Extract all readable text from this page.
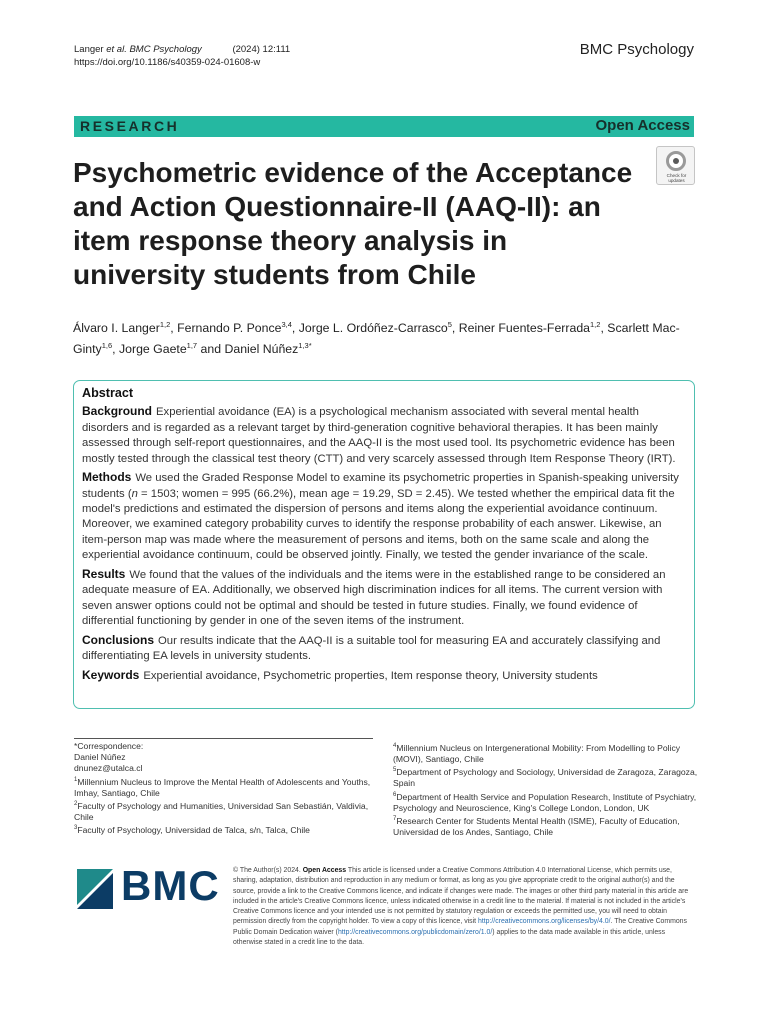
Langer et al. BMC Psychology	(2024) 12:111
https://doi.org/10.1186/s40359-024-01608-w
BMC Psychology
RESEARCH	Open Access
Psychometric evidence of the Acceptance and Action Questionnaire-II (AAQ-II): an item response theory analysis in university students from Chile
Check for
updates
Álvaro I. Langer$^{1,2}$, Fernando P. Ponce$^{3,4}$, Jorge L. Ordóñez-Carrasco$^5$, Reiner Fuentes-Ferrada$^{1,2}$, Scarlett Mac-Ginty$^{1,6}$, Jorge Gaete$^{1,7}$ and Daniel Núñez$^{1,3*}$
Abstract

Background Experiential avoidance (EA) is a psychological mechanism associated with several mental health disorders and is regarded as a relevant target by third-generation cognitive behavioral therapies. It has been mainly assessed through self-report questionnaires, and the AAQ-II is the most used tool. Its psychometric evidence has been mostly tested through the classical test theory (CTT) and very scarcely assessed through Item Response Theory (IRT).

Methods We used the Graded Response Model to examine its psychometric properties in Spanish-speaking university students (n = 1503; women = 995 (66.2%), mean age = 19.29, SD = 2.45). We tested whether the empirical data fit the model's predictions and estimated the dispersion of persons and items along the experiential avoidance continuum. Moreover, we examined category probability curves to identify the response probability of each answer. Likewise, an item-person map was made where the measurement of persons and items, both on the same scale and along the experiential avoidance continuum, could be observed jointly. Finally, we tested the gender invariance of the scale.

Results We found that the values of the individuals and the items were in the established range to be considered an adequate measure of EA. Additionally, we observed high discrimination indices for all items. The current version with seven answer options could not be optimal and should be tested in future studies. Finally, we found evidence of differential functioning by gender in one of the seven items of the instrument.

Conclusions Our results indicate that the AAQ-II is a suitable tool for measuring EA and accurately classifying and differentiating EA levels in university students.

Keywords Experiential avoidance, Psychometric properties, Item response theory, University students

*Correspondence:
Daniel Núñez
dnunez@utalca.cl
$^1$Millennium Nucleus to Improve the Mental Health of Adolescents and Youths, Imhay, Santiago, Chile
$^2$Faculty of Psychology and Humanities, Universidad San Sebastián, Valdivia, Chile
$^3$Faculty of Psychology, Universidad de Talca, s/n, Talca, Chile
$^4$Millennium Nucleus on Intergenerational Mobility: From Modelling to Policy (MOVI), Santiago, Chile
$^5$Department of Psychology and Sociology, Universidad de Zaragoza, Zaragoza, Spain
$^6$Department of Health Service and Population Research, Institute of Psychiatry, Psychology and Neuroscience, King's College London, London, UK
$^7$Research Center for Students Mental Health (ISME), Faculty of Education, Universidad de los Andes, Santiago, Chile
BMC © The Author(s) 2024. Open Access This article is licensed under a Creative Commons Attribution 4.0 International License, which permits use, sharing, adaptation, distribution and reproduction in any medium or format, as long as you give appropriate credit to the original author(s) and the source, provide a link to the Creative Commons licence, and indicate if changes were made. The images or other third party material in this article are included in the article's Creative Commons licence, unless indicated otherwise in a credit line to the material. If material is not included in the article's Creative Commons licence and your intended use is not permitted by statutory regulation or exceeds the permitted use, you will need to obtain permission directly from the copyright holder. To view a copy of this licence, visit http://creativecommons.org/licenses/by/4.0/. The Creative Commons Public Domain Dedication waiver (http://creativecommons.org/publicdomain/zero/1.0/) applies to the data made available in this article, unless otherwise stated in a credit line to the data.
